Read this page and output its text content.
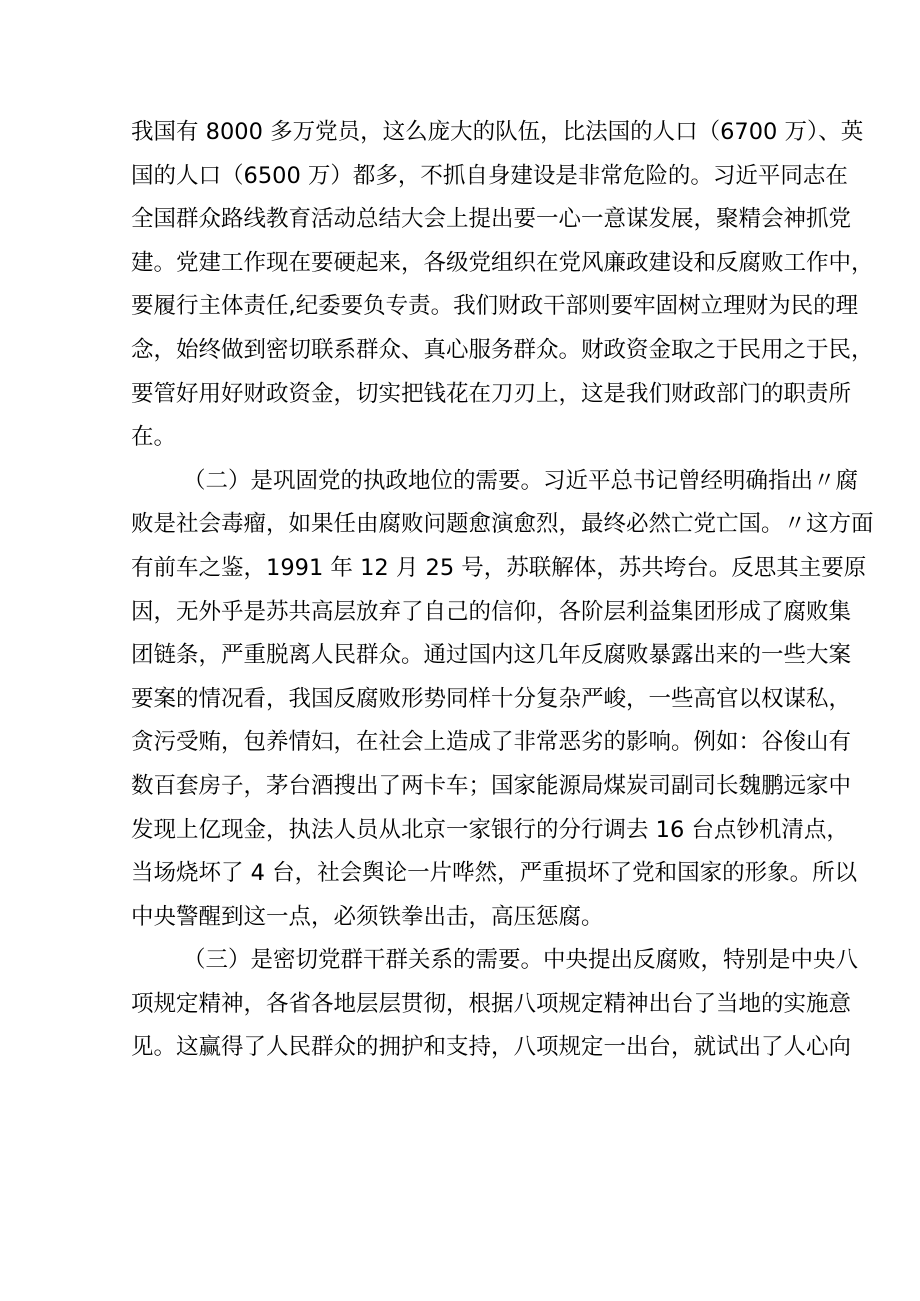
我国有 8000 多万党员，这么庞大的队伍，比法国的人口（6700 万）、英
国的人口（6500 万）都多，不抓自身建设是非常危险的。习近平同志在
全国群众路线教育活动总结大会上提出要一心一意谋发展，聚精会神抓党
建。党建工作现在要硬起来，各级党组织在党风廉政建设和反腐败工作中，
要履行主体责任,纪委要负专责。我们财政干部则要牢固树立理财为民的理
念，始终做到密切联系群众、真心服务群众。财政资金取之于民用之于民，
要管好用好财政资金，切实把钱花在刀刃上，这是我们财政部门的职责所
在。
（二）是巩固党的执政地位的需要。习近平总书记曾经明确指出〃腐
败是社会毒瘤，如果任由腐败问题愈演愈烈，最终必然亡党亡国。〃这方面
有前车之鉴，1991 年 12 月 25 号，苏联解体，苏共垮台。反思其主要原
因，无外乎是苏共高层放弃了自己的信仰，各阶层利益集团形成了腐败集
团链条，严重脱离人民群众。通过国内这几年反腐败暴露出来的一些大案
要案的情况看，我国反腐败形势同样十分复杂严峻，一些高官以权谋私，
贪污受贿，包养情妇，在社会上造成了非常恶劣的影响。例如：谷俊山有
数百套房子，茅台酒搜出了两卡车；国家能源局煤炭司副司长魏鹏远家中
发现上亿现金，执法人员从北京一家银行的分行调去 16 台点钞机清点，
当场烧坏了 4 台，社会舆论一片哗然，严重损坏了党和国家的形象。所以
中央警醒到这一点，必须铁拳出击，高压惩腐。
（三）是密切党群干群关系的需要。中央提出反腐败，特别是中央八
项规定精神，各省各地层层贯彻，根据八项规定精神出台了当地的实施意
见。这赢得了人民群众的拥护和支持，八项规定一出台，就试出了人心向
